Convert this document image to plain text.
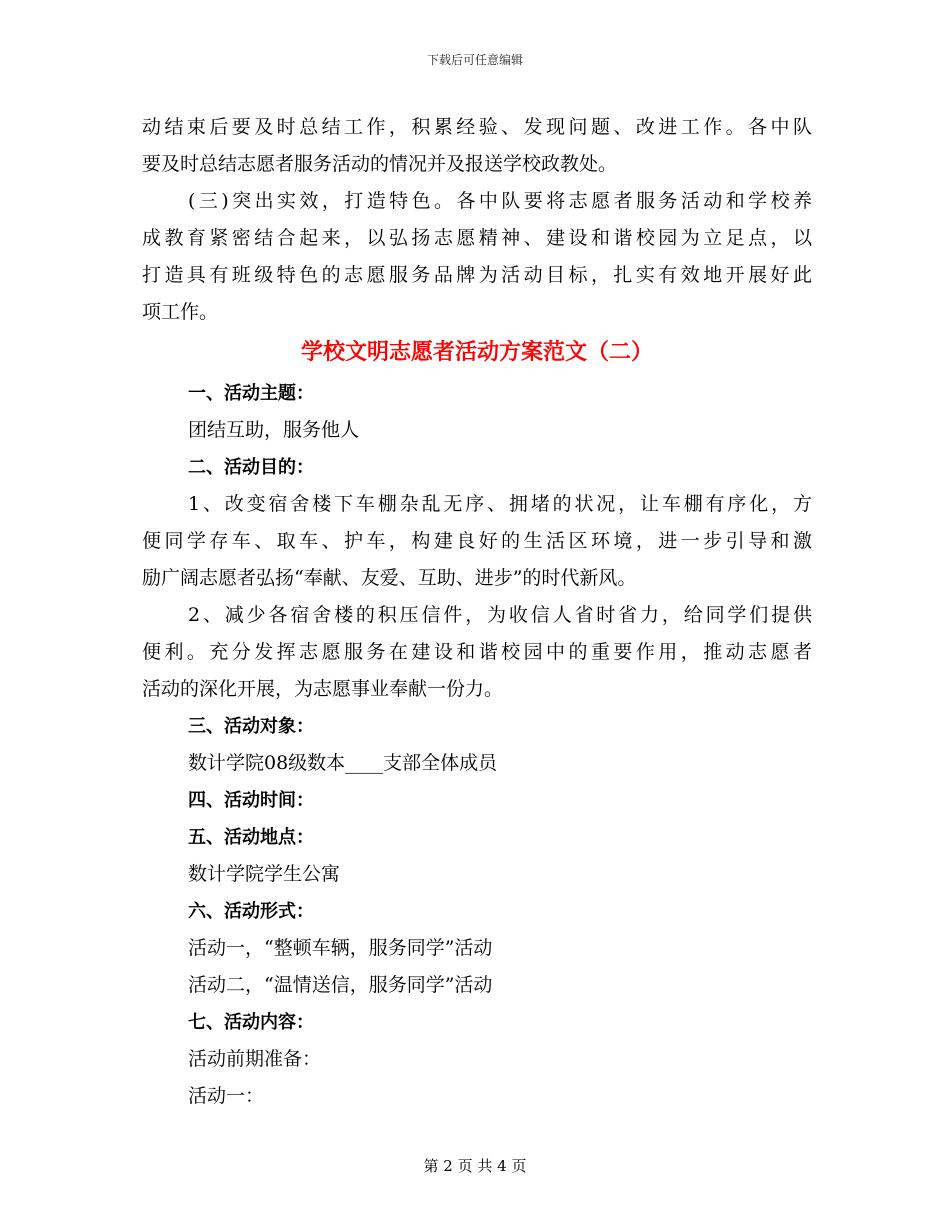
下载后可任意编辑
动结束后要及时总结工作，积累经验、发现问题、改进工作。各中队
要及时总结志愿者服务活动的情况并及报送学校政教处。
(三)突出实效，打造特色。各中队要将志愿者服务活动和学校养
成教育紧密结合起来，以弘扬志愿精神、建设和谐校园为立足点，以
打造具有班级特色的志愿服务品牌为活动目标，扎实有效地开展好此
项工作。
学校文明志愿者活动方案范文（二）
一、活动主题：
团结互助，服务他人
二、活动目的：
1、改变宿舍楼下车棚杂乱无序、拥堵的状况，让车棚有序化，方
便同学存车、取车、护车，构建良好的生活区环境，进一步引导和激
励广阔志愿者弘扬“奉献、友爱、互助、进步”的时代新风。
2、减少各宿舍楼的积压信件，为收信人省时省力，给同学们提供
便利。充分发挥志愿服务在建设和谐校园中的重要作用，推动志愿者
活动的深化开展，为志愿事业奉献一份力。
三、活动对象：
数计学院08级数本____支部全体成员
四、活动时间：
五、活动地点：
数计学院学生公寓
六、活动形式：
活动一，“整顿车辆，服务同学”活动
活动二，“温情送信，服务同学”活动
七、活动内容：
活动前期准备：
活动一：
第 2 页 共 4 页
